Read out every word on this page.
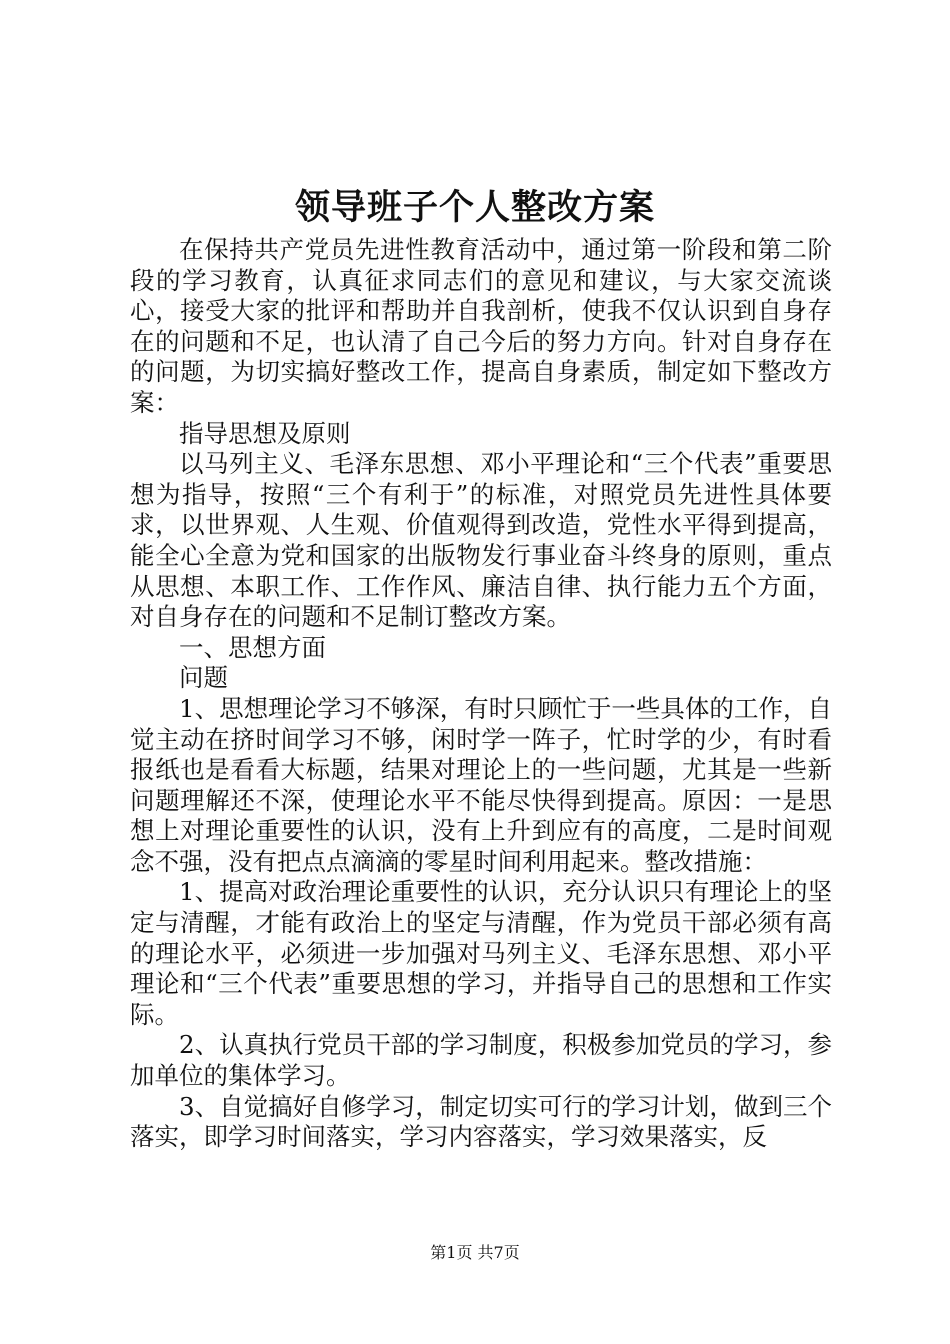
领导班子个人整改方案

在保持共产党员先进性教育活动中，通过第一阶段和第二阶段的学习教育，认真征求同志们的意见和建议，与大家交流谈心，接受大家的批评和帮助并自我剖析，使我不仅认识到自身存在的问题和不足，也认清了自己今后的努力方向。针对自身存在的问题，为切实搞好整改工作，提高自身素质，制定如下整改方案：

指导思想及原则

以马列主义、毛泽东思想、邓小平理论和“三个代表”重要思想为指导，按照“三个有利于”的标准，对照党员先进性具体要求，以世界观、人生观、价值观得到改造，党性水平得到提高，能全心全意为党和国家的出版物发行事业奋斗终身的原则，重点从思想、本职工作、工作作风、廉洁自律、执行能力五个方面，对自身存在的问题和不足制订整改方案。

一、思想方面

问题

1、思想理论学习不够深，有时只顾忙于一些具体的工作，自觉主动在挤时间学习不够，闲时学一阵子，忙时学的少，有时看报纸也是看看大标题，结果对理论上的一些问题，尤其是一些新问题理解还不深，使理论水平不能尽快得到提高。原因：一是思想上对理论重要性的认识，没有上升到应有的高度，二是时间观念不强，没有把点点滴滴的零星时间利用起来。整改措施：

1、提高对政治理论重要性的认识，充分认识只有理论上的坚定与清醒，才能有政治上的坚定与清醒，作为党员干部必须有高的理论水平，必须进一步加强对马列主义、毛泽东思想、邓小平理论和“三个代表”重要思想的学习，并指导自己的思想和工作实际。

2、认真执行党员干部的学习制度，积极参加党员的学习，参加单位的集体学习。

3、自觉搞好自修学习，制定切实可行的学习计划，做到三个落实，即学习时间落实，学习内容落实，学习效果落实，反

第1页 共7页
